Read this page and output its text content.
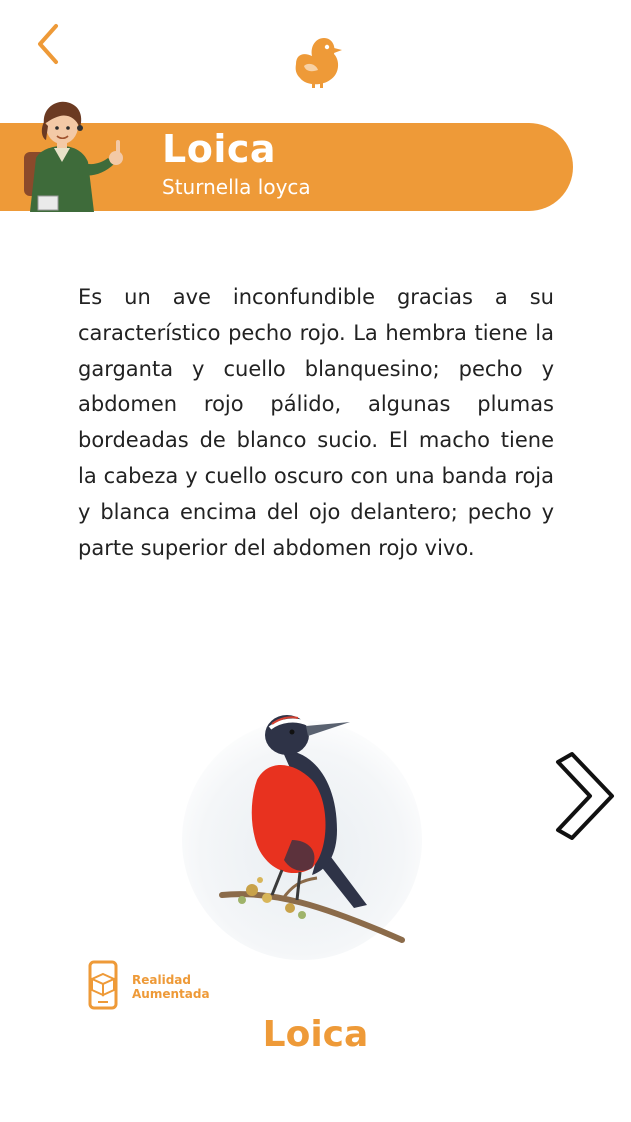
Loica
Sturnella loyca

Es un ave inconfundible gracias a su característico pecho rojo. La hembra tiene la garganta y cuello blanquesino; pecho y abdomen rojo pálido, algunas plumas bordeadas de blanco sucio. El macho tiene la cabeza y cuello oscuro con una banda roja y blanca encima del ojo delantero; pecho y parte superior del abdomen rojo vivo.

Realidad
Aumentada
Loica
